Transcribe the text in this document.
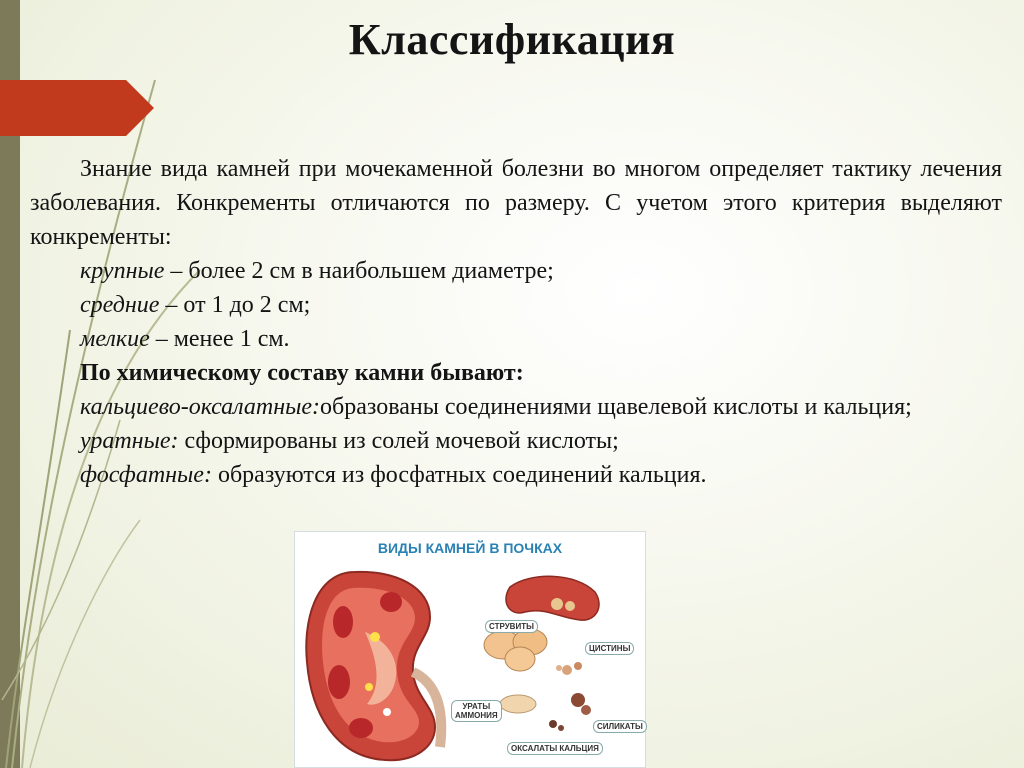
Классификация

Знание вида камней при мочекаменной болезни во многом определяет тактику лечения заболевания. Конкременты отличаются по размеру. С учетом этого критерия выделяют конкременты:

крупные – более 2 см в наибольшем диаметре;

средние – от 1 до 2 см;

мелкие – менее 1 см.

По химическому составу камни бывают:

кальциево-оксалатные:образованы соединениями щавелевой кислоты и кальция;

уратные: сформированы из солей мочевой кислоты;

фосфатные: образуются из фосфатных соединений кальция.

ВИДЫ КАМНЕЙ В ПОЧКАХ
СТРУВИТЫ
ЦИСТИНЫ
УРАТЫ
АММОНИЯ
СИЛИКАТЫ
ОКСАЛАТЫ КАЛЬЦИЯ
